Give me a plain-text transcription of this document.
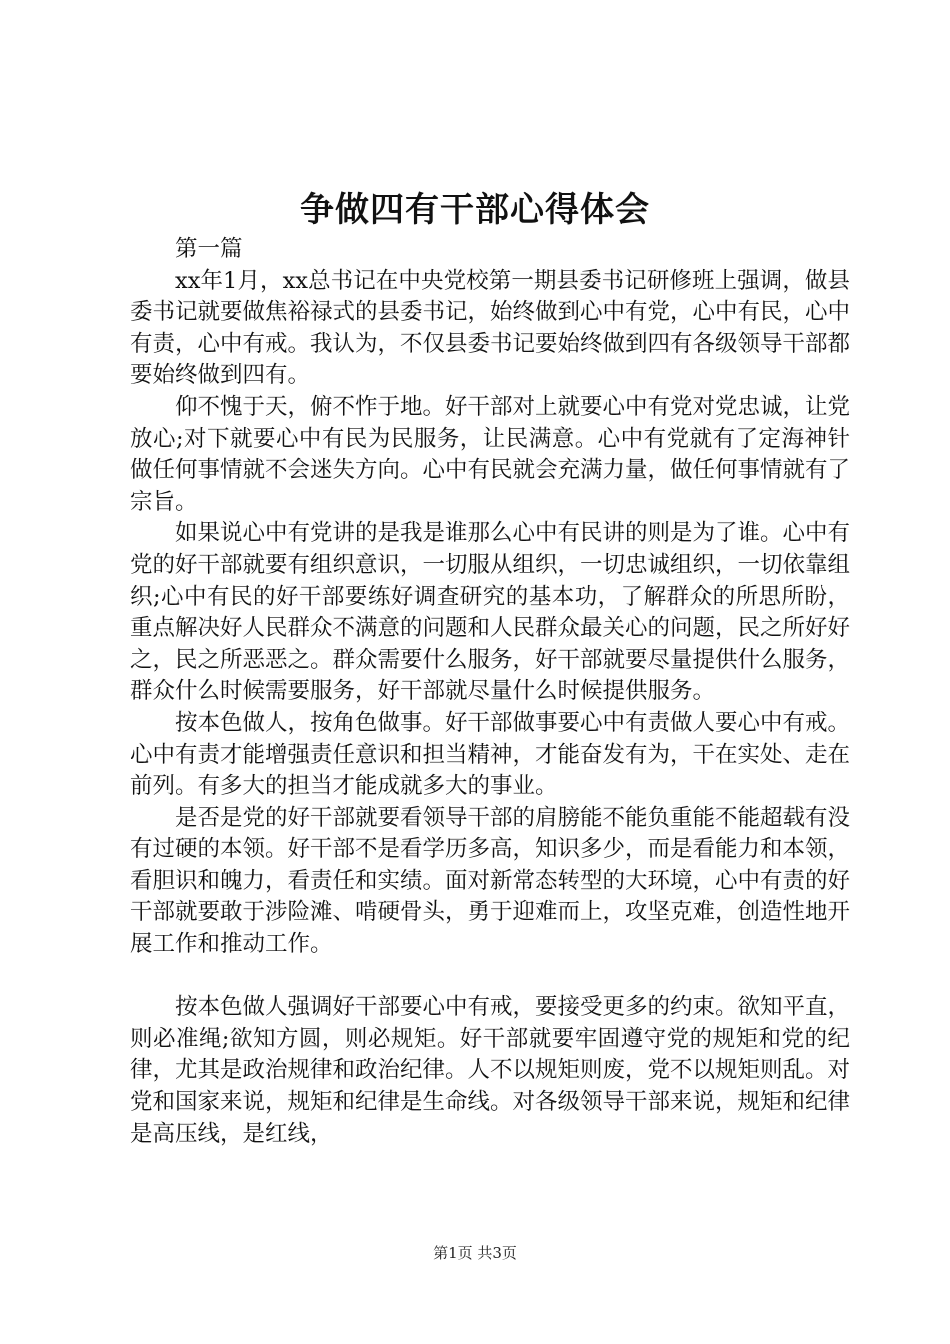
争做四有干部心得体会

第一篇

xx年1月，xx总书记在中央党校第一期县委书记研修班上强调，做县委书记就要做焦裕禄式的县委书记，始终做到心中有党，心中有民，心中有责，心中有戒。我认为，不仅县委书记要始终做到四有各级领导干部都要始终做到四有。

仰不愧于天，俯不怍于地。好干部对上就要心中有党对党忠诚，让党放心;对下就要心中有民为民服务，让民满意。心中有党就有了定海神针做任何事情就不会迷失方向。心中有民就会充满力量，做任何事情就有了宗旨。

如果说心中有党讲的是我是谁那么心中有民讲的则是为了谁。心中有党的好干部就要有组织意识，一切服从组织，一切忠诚组织，一切依靠组织;心中有民的好干部要练好调查研究的基本功，了解群众的所思所盼，重点解决好人民群众不满意的问题和人民群众最关心的问题，民之所好好之，民之所恶恶之。群众需要什么服务，好干部就要尽量提供什么服务，群众什么时候需要服务，好干部就尽量什么时候提供服务。

按本色做人，按角色做事。好干部做事要心中有责做人要心中有戒。心中有责才能增强责任意识和担当精神，才能奋发有为，干在实处、走在前列。有多大的担当才能成就多大的事业。

是否是党的好干部就要看领导干部的肩膀能不能负重能不能超载有没有过硬的本领。好干部不是看学历多高，知识多少，而是看能力和本领，看胆识和魄力，看责任和实绩。面对新常态转型的大环境，心中有责的好干部就要敢于涉险滩、啃硬骨头，勇于迎难而上，攻坚克难，创造性地开展工作和推动工作。

按本色做人强调好干部要心中有戒，要接受更多的约束。欲知平直，则必准绳;欲知方圆，则必规矩。好干部就要牢固遵守党的规矩和党的纪律，尤其是政治规律和政治纪律。人不以规矩则废，党不以规矩则乱。对党和国家来说，规矩和纪律是生命线。对各级领导干部来说，规矩和纪律是高压线，是红线，

第1页 共3页
